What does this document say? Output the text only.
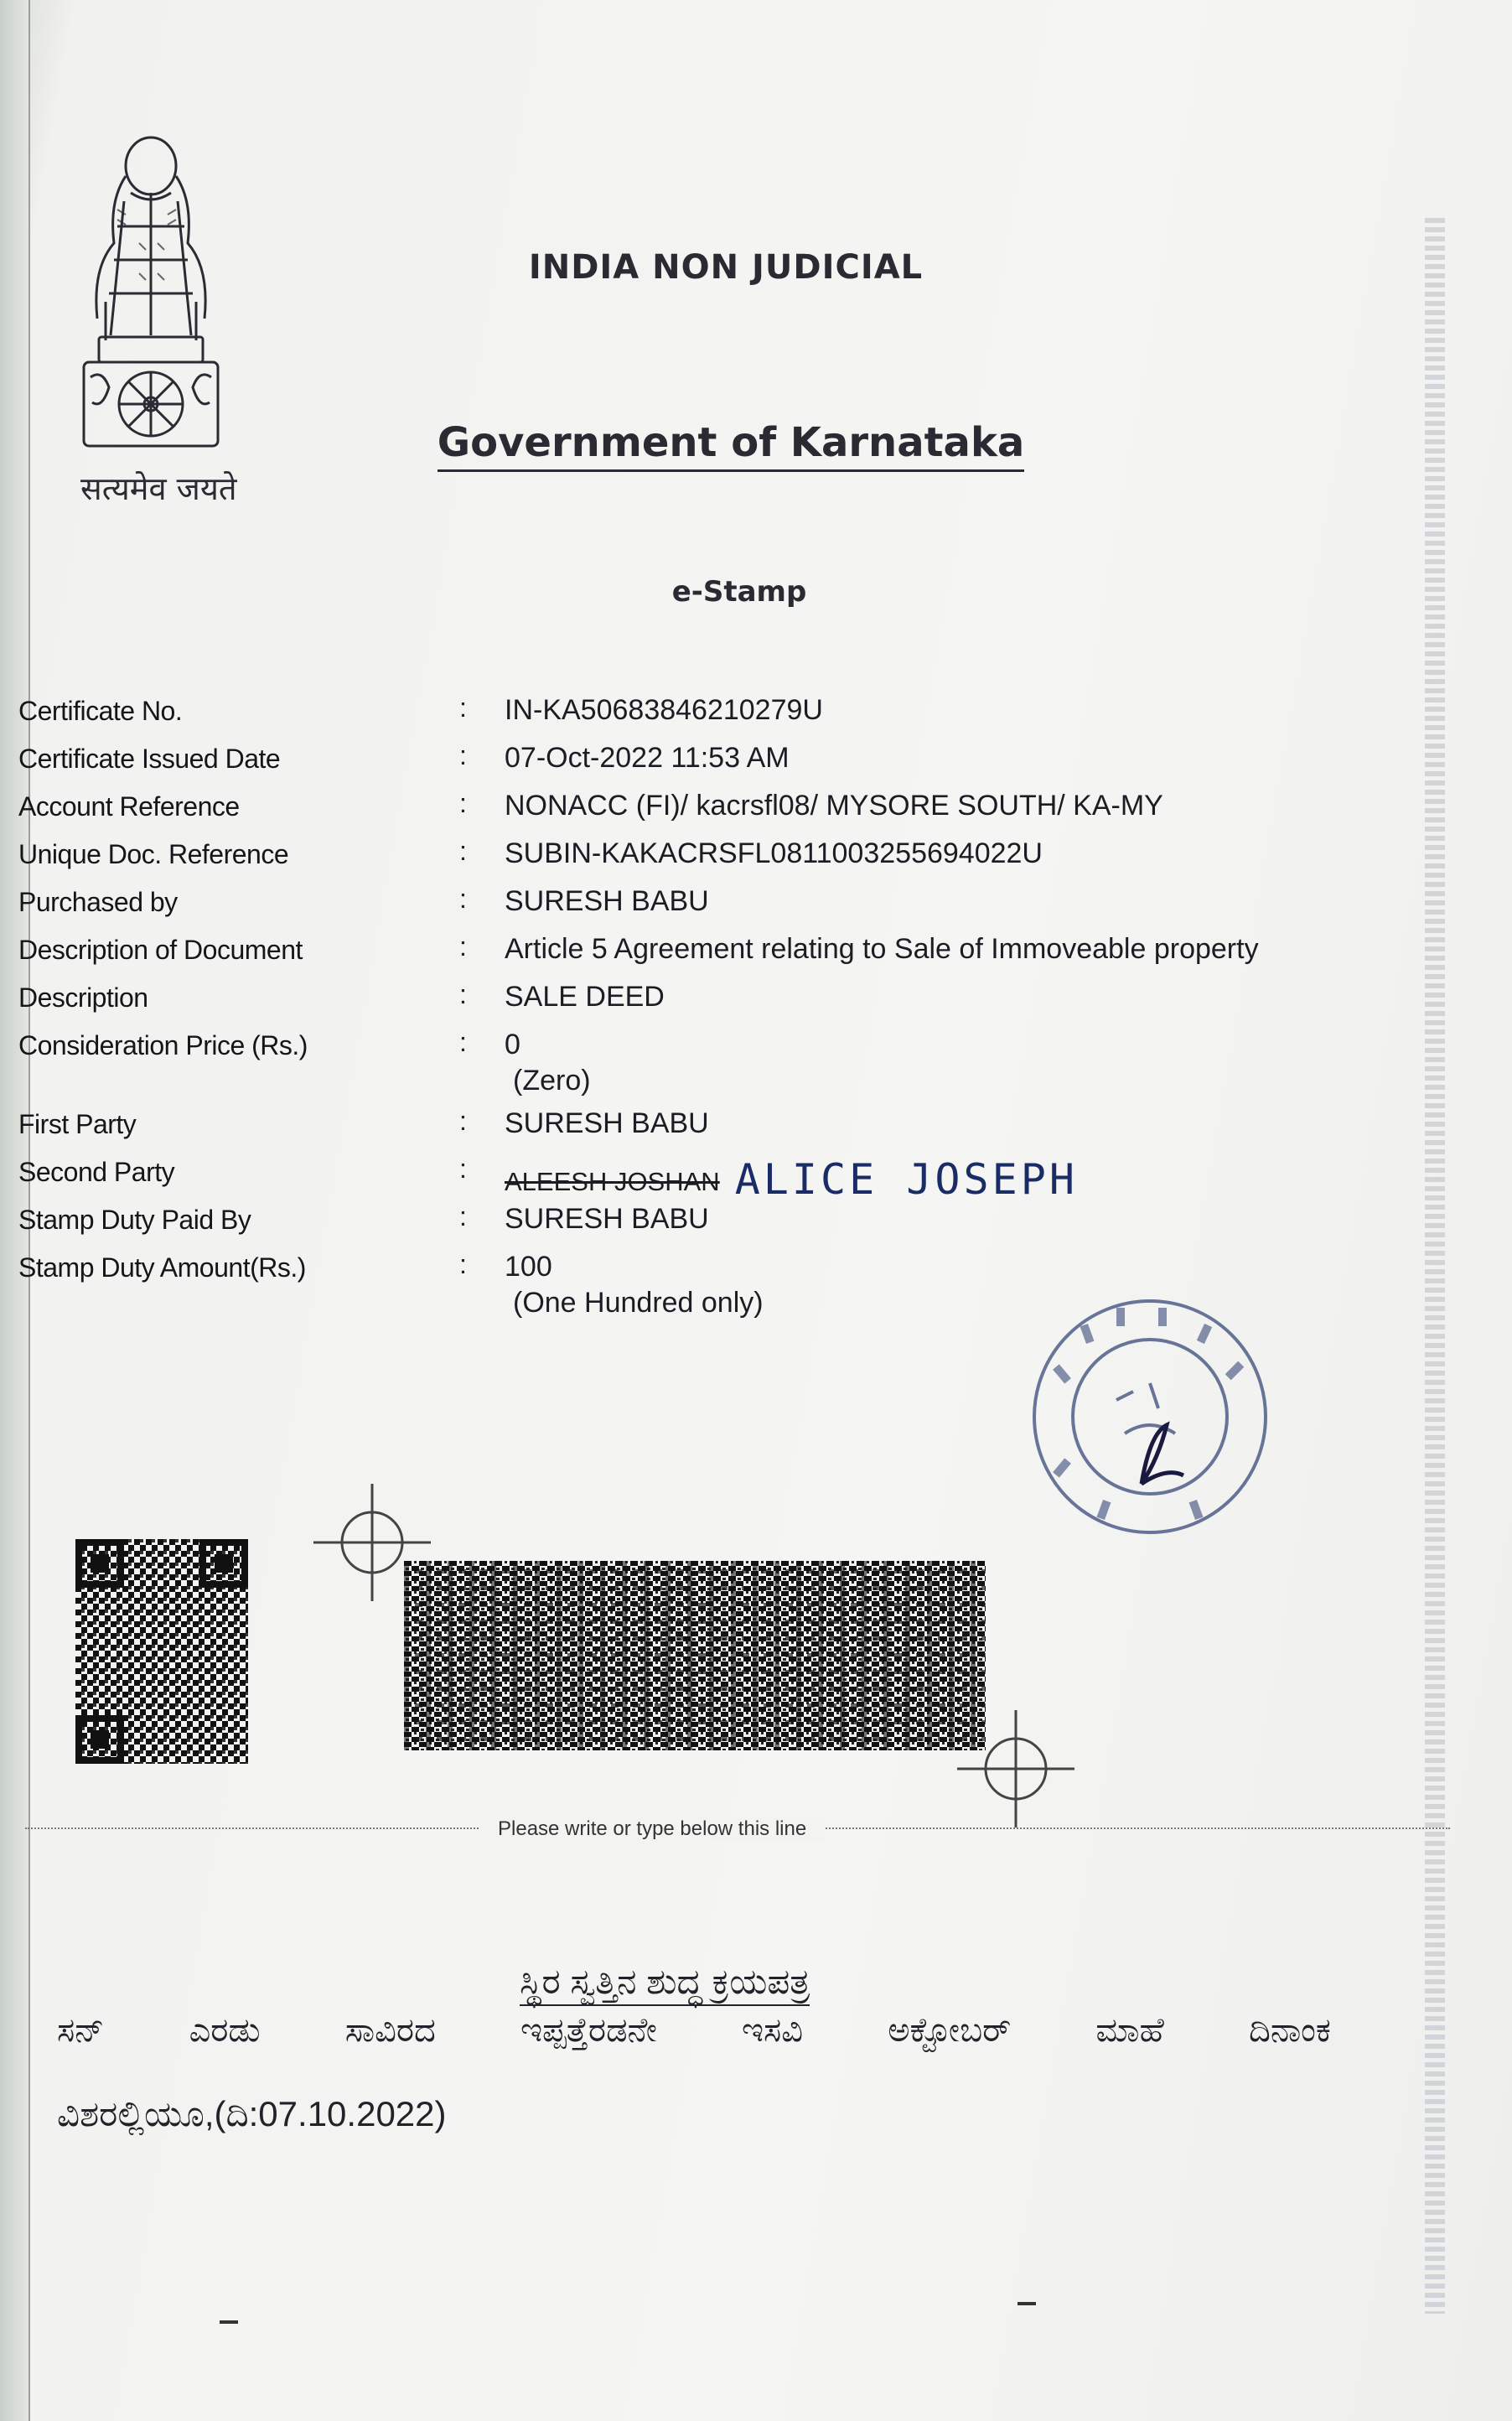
सत्यमेव जयते
INDIA NON JUDICIAL
Government of Karnataka
e-Stamp
Certificate No.	: IN-KA50683846210279U
Certificate Issued Date	: 07-Oct-2022 11:53 AM
Account Reference	: NONACC (FI)/ kacrsfl08/ MYSORE SOUTH/ KA-MY
Unique Doc. Reference	: SUBIN-KAKACRSFL0811003255694022U
Purchased by	: SURESH BABU
Description of Document	: Article 5 Agreement relating to Sale of Immoveable property
Description	: SALE DEED
Consideration Price (Rs.)	: 0
(Zero)
First Party	: SURESH BABU
Second Party	: ALEESH JOSHAN ALICE JOSEPH
Stamp Duty Paid By	: SURESH BABU
Stamp Duty Amount(Rs.)	: 100
(One Hundred only)
Please write or type below this line
ಸ್ಥಿರ ಸ್ವತ್ತಿನ ಶುದ್ಧ ಕ್ರಯಪತ್ರ
ಸನ್	ಎರಡು	ಸಾವಿರದ	ಇಪ್ಪತ್ತೆರಡನೇ	ಇಸವಿ	ಅಕ್ಟೋಬರ್	ಮಾಹೆ	ದಿನಾಂಕ
ವಿಶರಲ್ಲಿಯೂ,(ದಿ:07.10.2022)
